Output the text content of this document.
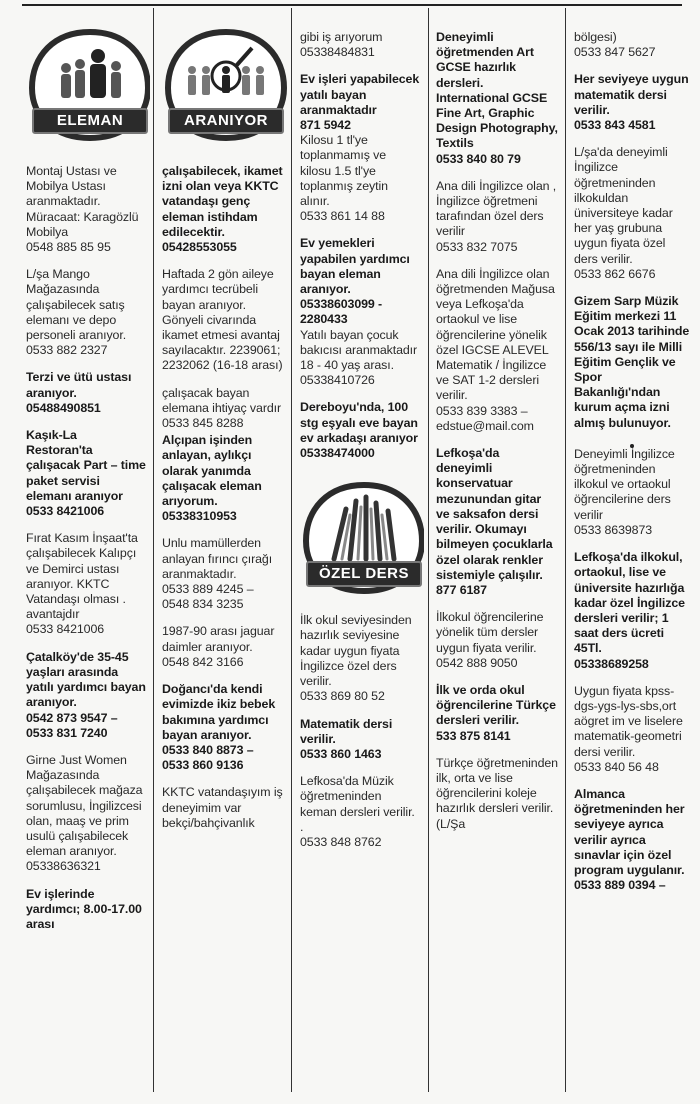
ELEMAN

Montaj Ustası ve Mobilya Ustası aranmaktadır. Müracaat: Karagözlü Mobilya

0548 885 85 95

L/şa Mango Mağazasında çalışabilecek satış elemanı ve depo personeli aranıyor.

0533 882 2327

Terzi ve ütü ustası aranıyor.

05488490851

Kaşık-La Restoran'ta çalışacak Part – time paket servisi elemanı aranıyor

0533 8421006

Fırat Kasım İnşaat'ta çalışabilecek Kalıpçı ve Demirci ustası aranıyor. KKTC Vatandaşı olması . avantajdır

0533 8421006

Çatalköy'de 35-45 yaşları arasında yatılı yardımcı bayan aranıyor.

0542 873 9547 – 0533 831 7240

Girne Just Women Mağazasında çalışabilecek mağaza sorumlusu, İngilizcesi olan, maaş ve prim usulü çalışabilecek eleman aranıyor.

05338636321

Ev işlerinde yardımcı; 8.00-17.00 arası

ARANIYOR

çalışabilecek, ikamet izni olan veya KKTC vatandaşı genç eleman istihdam edilecektir.

05428553055

Haftada 2 gön aileye yardımcı tecrübeli bayan aranıyor. Gönyeli civarında ikamet etmesi avantaj sayılacaktır. 2239061; 2232062 (16-18 arası)

çalışacak bayan elemana ihtiyaç vardır

0533 845 8288

Alçıpan işinden anlayan, aylıkçı olarak yanımda çalışacak eleman arıyorum.

05338310953

Unlu mamüllerden anlayan fırıncı çırağı aranmaktadır.

0533 889 4245 – 0548 834 3235

1987-90 arası jaguar daimler aranıyor.

0548 842 3166

Doğancı'da kendi evimizde ikiz bebek bakımına yardımcı bayan aranıyor.

0533 840 8873 – 0533 860 9136

KKTC vatandaşıyım iş deneyimim var bekçi/bahçivanlık

gibi iş arıyorum

05338484831

Ev işleri yapabilecek yatılı bayan aranmaktadır

871 5942

Kilosu 1 tl'ye toplanmamış ve kilosu 1.5 tl'ye toplanmış zeytin alınır.

0533 861 14 88

Ev yemekleri yapabilen yardımcı bayan eleman aranıyor.

05338603099 - 2280433

Yatılı bayan çocuk bakıcısı aranmaktadır 18 - 40 yaş arası.

05338410726

Dereboyu'nda, 100 stg eşyalı eve bayan ev arkadaşı aranıyor

05338474000

ÖZEL DERS

İlk okul seviyesinden hazırlık seviyesine kadar uygun fiyata İngilizce özel ders verilir.

0533 869 80 52

Matematik dersi verilir.

0533 860 1463

Lefkosa'da Müzik öğretmeninden keman dersleri verilir. .

0533 848 8762

Deneyimli öğretmenden Art GCSE hazırlık dersleri. International GCSE Fine Art, Graphic Design Photography, Textils

0533 840 80 79

Ana dili İngilizce olan , İngilizce öğretmeni tarafından özel ders verilir

0533 832 7075

Ana dili İngilizce olan öğretmenden Mağusa veya Lefkoşa'da ortaokul ve lise öğrencilerine yönelik özel IGCSE ALEVEL Matematik / İngilizce ve SAT 1-2 dersleri verilir.

0533 839 3383 – edstue@mail.com

Lefkoşa'da deneyimli konservatuar mezunundan gitar ve saksafon dersi verilir. Okumayı bilmeyen çocuklarla özel olarak renkler sistemiyle çalışılır.

877 6187

İlkokul öğrencilerine yönelik tüm dersler uygun fiyata verilir.

0542 888 9050

İlk ve orda okul öğrencilerine Türkçe dersleri verilir.

533 875 8141

Türkçe öğretmeninden ilk, orta ve lise öğrencilerini koleje hazırlık dersleri verilir. (L/Şa

bölgesi)

0533 847 5627

Her seviyeye uygun matematik dersi verilir.

0533 843 4581

L/şa'da deneyimli İngilizce öğretmeninden ilkokuldan üniversiteye kadar her yaş grubuna uygun fiyata özel ders verilir.

0533 862 6676

Gizem Sarp Müzik Eğitim merkezi 11 Ocak 2013 tarihinde 556/13 sayı ile Milli Eğitim Gençlik ve Spor Bakanlığı'ndan kurum açma izni almış bulunuyor.

Deneyimli İngilizce öğretmeninden ilkokul ve ortaokul öğrencilerine ders verilir

0533 8639873

Lefkoşa'da ilkokul, ortaokul, lise ve üniversite hazırlığa kadar özel İngilizce dersleri verilir; 1 saat ders ücreti 45Tl.

05338689258

Uygun fiyata kpss-dgs-ygs-lys-sbs,ort aögret im ve liselere matematik-geometri dersi verilir.

0533 840 56 48

Almanca öğretmeninden her seviyeye ayrıca verilir ayrıca sınavlar için özel program uygulanır.

0533 889 0394 –
